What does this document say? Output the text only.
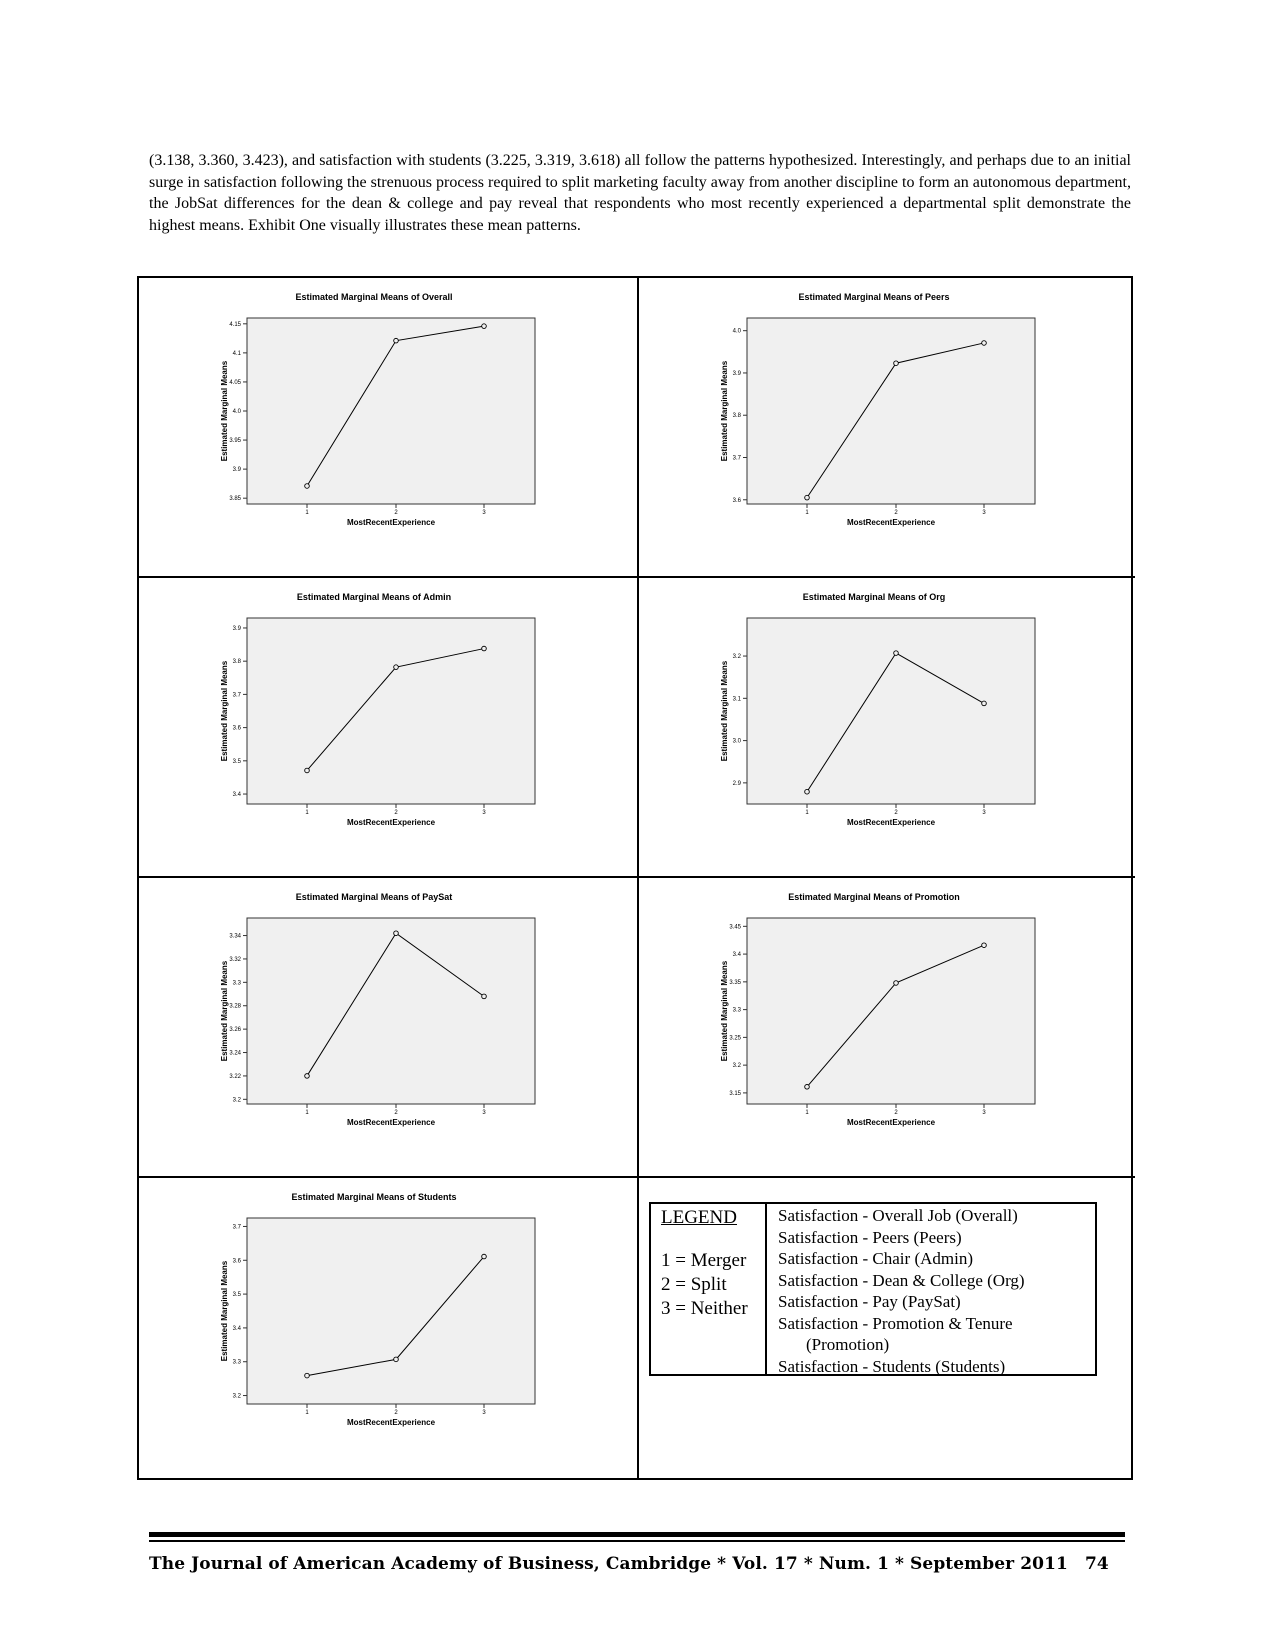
(3.138, 3.360, 3.423), and satisfaction with students (3.225, 3.319, 3.618) all follow the patterns hypothesized. Interestingly, and perhaps due to an initial surge in satisfaction following the strenuous process required to split marketing faculty away from another discipline to form an autonomous department, the JobSat differences for the dean & college and pay reveal that respondents who most recently experienced a departmental split demonstrate the highest means. Exhibit One visually illustrates these mean patterns.

Estimated Marginal Means of Overall
3.85
3.9
3.95
4.0
4.05
4.1
4.15
1	2	3
MostRecentExperience
Estimated Marginal Means
Estimated Marginal Means of Peers
3.6
3.7
3.8
3.9
4.0
1	2	3
MostRecentExperience
Estimated Marginal Means
Estimated Marginal Means of Admin
3.4
3.5
3.6
3.7
3.8
3.9
1	2	3
MostRecentExperience
Estimated Marginal Means
Estimated Marginal Means of Org
2.9
3.0
3.1
3.2
1	2	3
MostRecentExperience
Estimated Marginal Means
Estimated Marginal Means of PaySat
3.2
3.22
3.24
3.26
3.28
3.3
3.32
3.34
1	2	3
MostRecentExperience
Estimated Marginal Means
Estimated Marginal Means of Promotion
3.15
3.2
3.25
3.3
3.35
3.4
3.45
1	2	3
MostRecentExperience
Estimated Marginal Means
Estimated Marginal Means of Students
3.2
3.3
3.4
3.5
3.6
3.7
1	2	3
MostRecentExperience
Estimated Marginal Means
LEGEND
1 = Merger
2 = Split
3 = Neither
Satisfaction - Overall Job (Overall)
Satisfaction - Peers (Peers)
Satisfaction - Chair (Admin)
Satisfaction - Dean & College (Org)
Satisfaction - Pay (PaySat)
Satisfaction - Promotion & Tenure
(Promotion)
Satisfaction - Students (Students)
The Journal of American Academy of Business, Cambridge * Vol. 17 * Num. 1 * September 2011 74
